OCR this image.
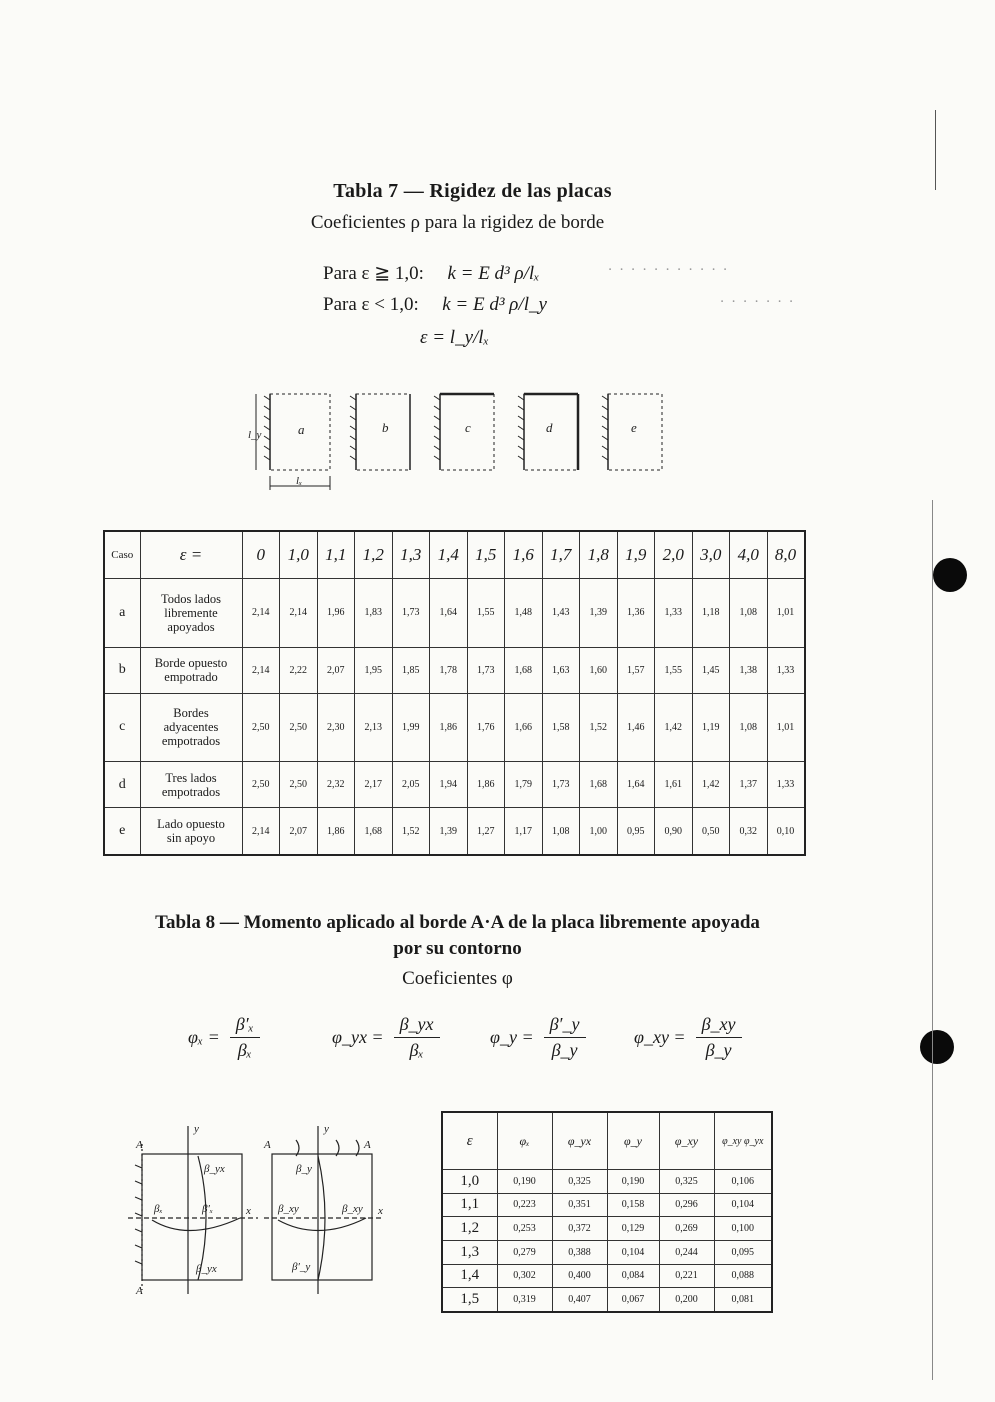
Tabla 7 — Rigidez de las placas
Coeficientes ρ para la rigidez de borde
Para ε ≧ 1,0: k = E d³ ρ/lₓ
Para ε < 1,0: k = E d³ ρ/l_y
ε = l_y/lₓ
· · · · · · · · · · ·
· · · · · · ·
a	b	c	d	e
l_y
lₓ
Caso	ε =	0	1,0	1,1	1,2	1,3	1,4	1,5	1,6	1,7	1,8	1,9	2,0	3,0	4,0	8,0
a	Todos lados
libremente
apoyados	2,14	2,14	1,96	1,83	1,73	1,64	1,55	1,48	1,43	1,39	1,36	1,33	1,18	1,08	1,01
b	Borde opuesto
empotrado	2,14	2,22	2,07	1,95	1,85	1,78	1,73	1,68	1,63	1,60	1,57	1,55	1,45	1,38	1,33
c	Bordes
adyacentes
empotrados	2,50	2,50	2,30	2,13	1,99	1,86	1,76	1,66	1,58	1,52	1,46	1,42	1,19	1,08	1,01
d	Tres lados
empotrados	2,50	2,50	2,32	2,17	2,05	1,94	1,86	1,79	1,73	1,68	1,64	1,61	1,42	1,37	1,33
e	Lado opuesto
sin apoyo	2,14	2,07	1,86	1,68	1,52	1,39	1,27	1,17	1,08	1,00	0,95	0,90	0,50	0,32	0,10
Tabla 8 — Momento aplicado al borde A·A de la placa libremente apoyada
por su contorno
Coeficientes φ
$\varphi_x = \frac{\text{β′ₓ}}{\text{βₓ}}$	φ_yx = $\frac{\beta\_yx}{\text{βₓ}}$	φ_y = $\frac{\beta'\_y}{\beta\_y}$	φ_xy = $\frac{\beta\_xy}{\beta\_y}$
A
A
y
x
βₓ	β′ₓ
β_yx
β_yx
A
A
y
x
β_y
β_xy	β_xy
β′_y
ε	φₓ	φ_yx	φ_y	φ_xy	φ_xy φ_yx
1,0	0,190	0,325	0,190	0,325	0,106
1,1	0,223	0,351	0,158	0,296	0,104
1,2	0,253	0,372	0,129	0,269	0,100
1,3	0,279	0,388	0,104	0,244	0,095
1,4	0,302	0,400	0,084	0,221	0,088
1,5	0,319	0,407	0,067	0,200	0,081
